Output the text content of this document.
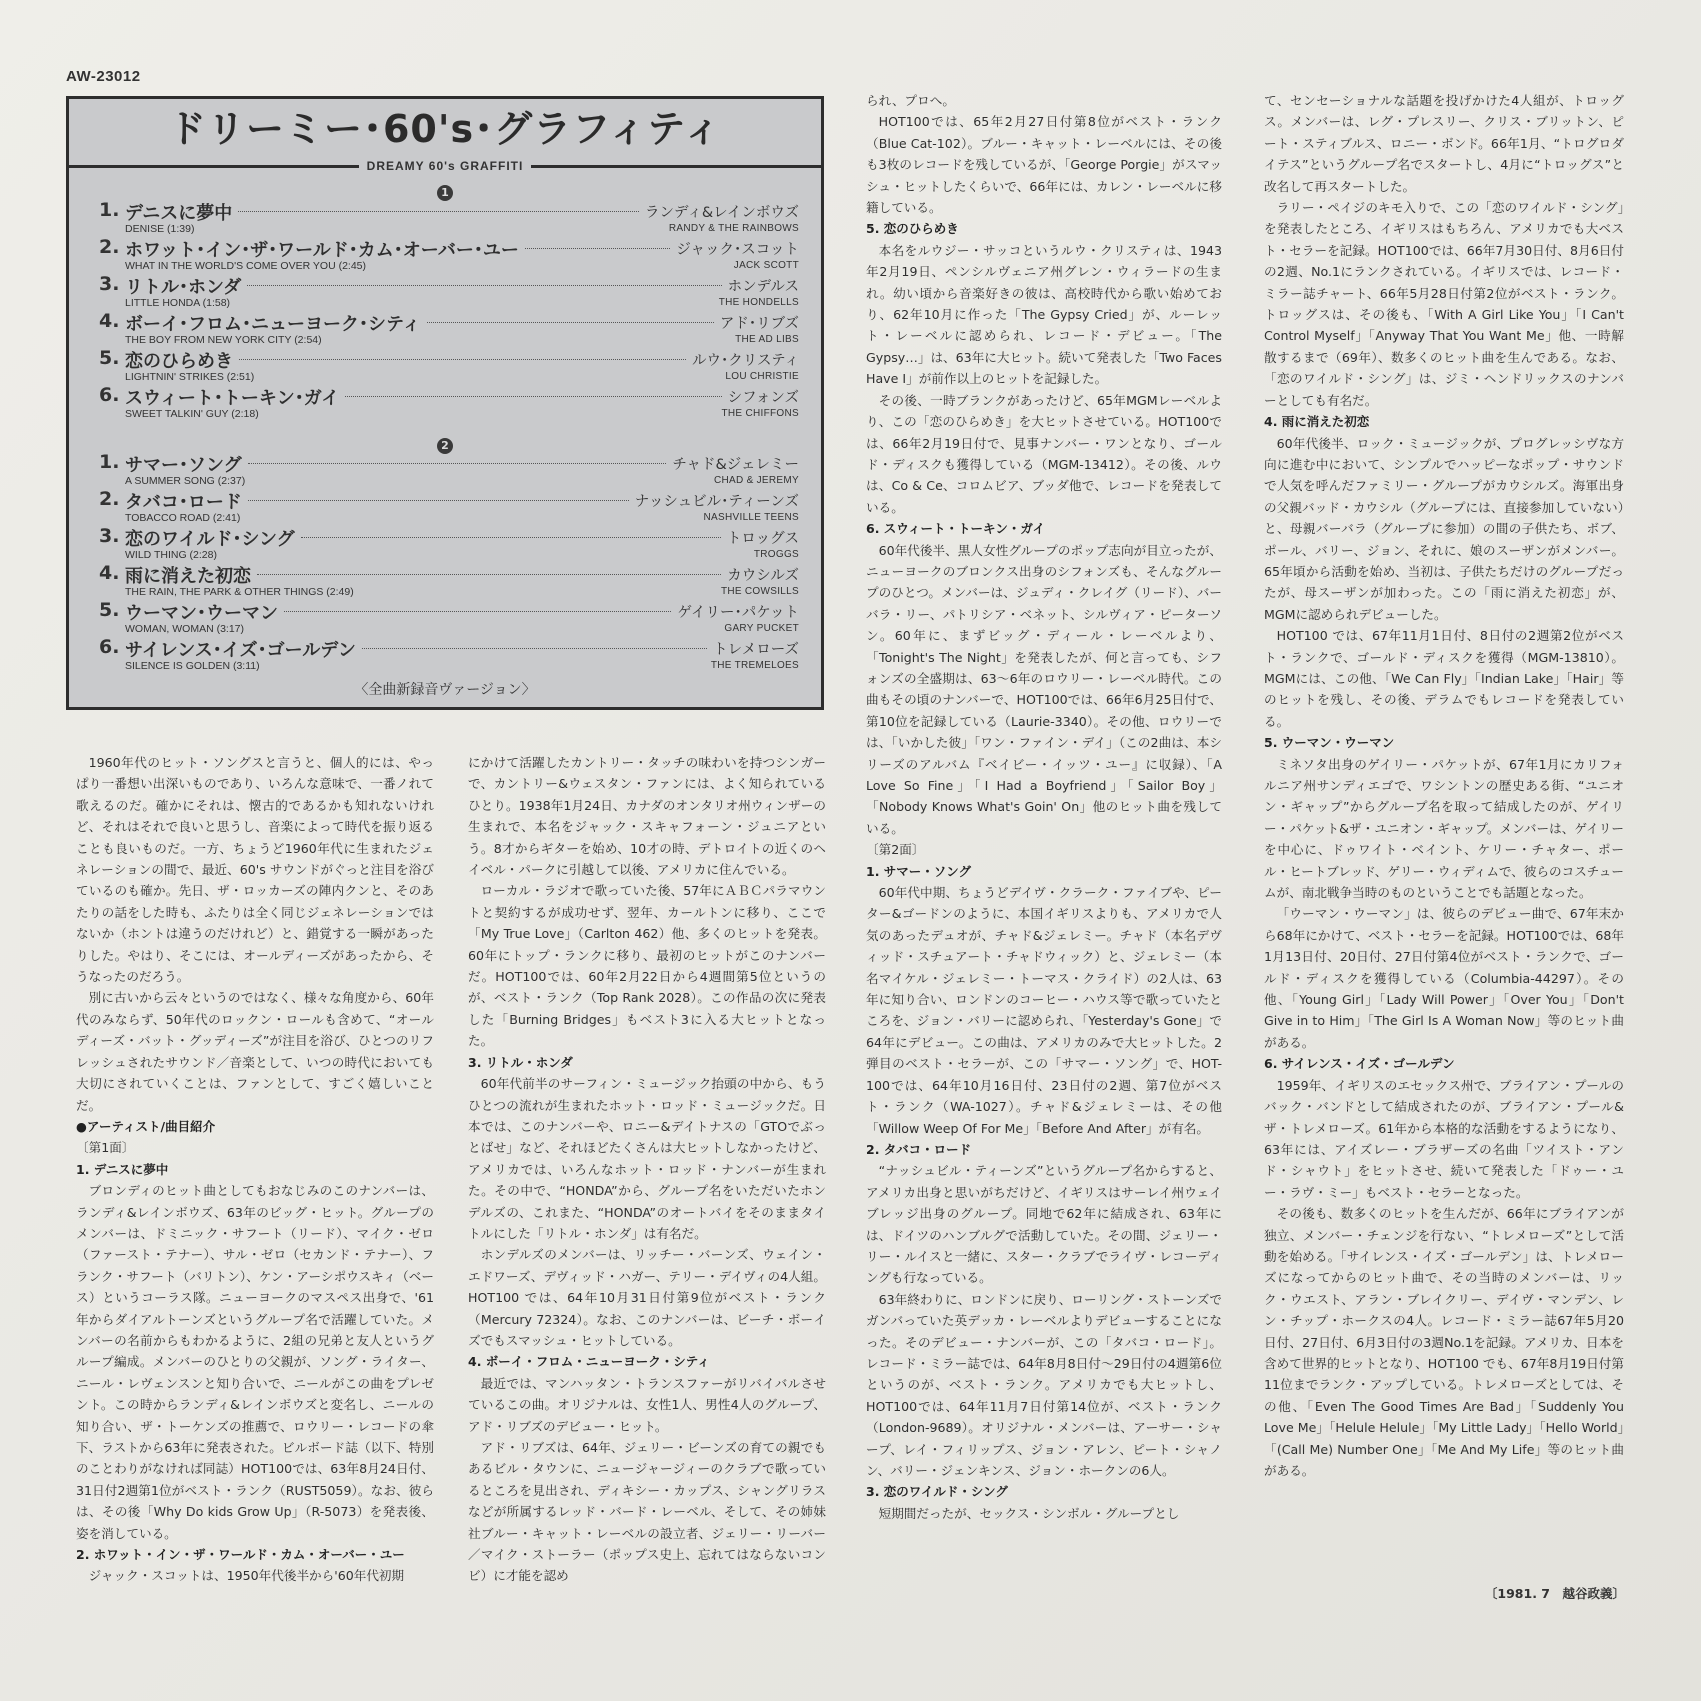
AW-23012
ドリーミー･60's･グラフィティ
DREAMY 60's GRAFFITI
1
1. デニスに夢中
DENISE (1:39)
ランディ&レインボウズ
RANDY & THE RAINBOWS
2. ホワット･イン･ザ･ワールド･カム･オーバー･ユー
WHAT IN THE WORLD'S COME OVER YOU (2:45)
ジャック･スコット
JACK SCOTT
3. リトル･ホンダ
LITTLE HONDA (1:58)
ホンデルス
THE HONDELLS
4. ボーイ･フロム･ニューヨーク･シティ
THE BOY FROM NEW YORK CITY (2:54)
アド･リブズ
THE AD LIBS
5. 恋のひらめき
LIGHTNIN' STRIKES (2:51)
ルウ･クリスティ
LOU CHRISTIE
6. スウィート･トーキン･ガイ
SWEET TALKIN' GUY (2:18)
シフォンズ
THE CHIFFONS
2
1. サマー･ソング
A SUMMER SONG (2:37)
チャド&ジェレミー
CHAD & JEREMY
2. タバコ･ロード
TOBACCO ROAD (2:41)
ナッシュビル･ティーンズ
NASHVILLE TEENS
3. 恋のワイルド･シング
WILD THING (2:28)
トロッグス
TROGGS
4. 雨に消えた初恋
THE RAIN, THE PARK & OTHER THINGS (2:49)
カウシルズ
THE COWSILLS
5. ウーマン･ウーマン
WOMAN, WOMAN (3:17)
ゲイリー･パケット
GARY PUCKET
6. サイレンス･イズ･ゴールデン
SILENCE IS GOLDEN (3:11)
トレメローズ
THE TREMELOES
〈全曲新録音ヴァージョン〉

1960年代のヒット・ソングスと言うと、個人的には、やっぱり一番想い出深いものであり、いろんな意味で、一番ノれて歌えるのだ。確かにそれは、懐古的であるかも知れないけれど、それはそれで良いと思うし、音楽によって時代を振り返ることも良いものだ。一方、ちょうど1960年代に生まれたジェネレーションの間で、最近、60's サウンドがぐっと注目を浴びているのも確か。先日、ザ・ロッカーズの陣内クンと、そのあたりの話をした時も、ふたりは全く同じジェネレーションではないか（ホントは違うのだけれど）と、錯覚する一瞬があったりした。やはり、そこには、オールディーズがあったから、そうなったのだろう。

別に古いから云々というのではなく、様々な角度から、60年代のみならず、50年代のロックン・ロールも含めて、“オールディーズ・バット・グッディーズ”が注目を浴び、ひとつのリフレッシュされたサウンド／音楽として、いつの時代においても大切にされていくことは、ファンとして、すごく嬉しいことだ。

●アーティスト/曲目紹介

〔第1面〕

1. デニスに夢中

ブロンディのヒット曲としてもおなじみのこのナンバーは、ランディ&レインボウズ、63年のビッグ・ヒット。グループのメンバーは、ドミニック・サフート（リード）、マイク・ゼロ（ファースト・テナー）、サル・ゼロ（セカンド・テナー）、フランク・サフート（バリトン）、ケン・アーシポウスキィ（ベース）というコーラス隊。ニューヨークのマスペス出身で、'61年からダイアルトーンズというグループ名で活躍していた。メンバーの名前からもわかるように、2組の兄弟と友人というグループ編成。メンバーのひとりの父親が、ソング・ライター、ニール・レヴェンスンと知り合いで、ニールがこの曲をプレゼント。この時からランディ&レインボウズと変名し、ニールの知り合い、ザ・トーケンズの推薦で、ロウリー・レコードの傘下、ラストから63年に発表された。ビルボード誌（以下、特別のことわりがなければ同誌）HOT100では、63年8月24日付、31日付2週第1位がベスト・ランク（RUST5059）。なお、彼らは、その後「Why Do kids Grow Up」（R-5073）を発表後、姿を消している。

2. ホワット・イン・ザ・ワールド・カム・オーバー・ユー

ジャック・スコットは、1950年代後半から'60年代初期

にかけて活躍したカントリー・タッチの味わいを持つシンガーで、カントリー&ウェスタン・ファンには、よく知られているひとり。1938年1月24日、カナダのオンタリオ州ウィンザーの生まれで、本名をジャック・スキャフォーン・ジュニアという。8才からギターを始め、10才の時、デトロイトの近くのヘイベル・パークに引越して以後、アメリカに住んでいる。

ローカル・ラジオで歌っていた後、57年にＡＢＣパラマウントと契約するが成功せず、翌年、カールトンに移り、ここで「My True Love」（Carlton 462）他、多くのヒットを発表。60年にトップ・ランクに移り、最初のヒットがこのナンバーだ。HOT100では、60年2月22日から4週間第5位というのが、ベスト・ランク（Top Rank 2028）。この作品の次に発表した「Burning Bridges」もベスト3に入る大ヒットとなった。

3. リトル・ホンダ

60年代前半のサーフィン・ミュージック抬頭の中から、もうひとつの流れが生まれたホット・ロッド・ミュージックだ。日本では、このナンバーや、ロニー&デイトナスの「GTOでぶっとばせ」など、それほどたくさんは大ヒットしなかったけど、アメリカでは、いろんなホット・ロッド・ナンバーが生まれた。その中で、“HONDA”から、グループ名をいただいたホンデルズの、これまた、“HONDA”のオートバイをそのままタイトルにした「リトル・ホンダ」は有名だ。

ホンデルズのメンバーは、リッチー・バーンズ、ウェイン・エドワーズ、デヴィッド・ハガー、テリー・デイヴィの4人組。HOT100 では、64年10月31日付第9位がベスト・ランク（Mercury 72324）。なお、このナンバーは、ビーチ・ボーイズでもスマッシュ・ヒットしている。

4. ボーイ・フロム・ニューヨーク・シティ

最近では、マンハッタン・トランスファーがリバイバルさせているこの曲。オリジナルは、女性1人、男性4人のグループ、アド・リブズのデビュー・ヒット。

アド・リブズは、64年、ジェリー・ビーンズの育ての親でもあるビル・タウンに、ニュージャージィーのクラブで歌っているところを見出され、ディキシー・カップス、シャングリラスなどが所属するレッド・バード・レーベル、そして、その姉妹社ブルー・キャット・レーベルの設立者、ジェリー・リーバー／マイク・ストーラー（ポップス史上、忘れてはならないコンビ）に才能を認め

られ、プロへ。

HOT100では、65年2月27日付第8位がベスト・ランク（Blue Cat-102）。ブルー・キャット・レーベルには、その後も3枚のレコードを残しているが、「George Porgie」がスマッシュ・ヒットしたくらいで、66年には、カレン・レーベルに移籍している。

5. 恋のひらめき

本名をルウジー・サッコというルウ・クリスティは、1943年2月19日、ペンシルヴェニア州グレン・ウィラードの生まれ。幼い頃から音楽好きの彼は、高校時代から歌い始めており、62年10月に作った「The Gypsy Cried」が、ルーレット・レーベルに認められ、レコード・デビュー。「The Gypsy…」は、63年に大ヒット。続いて発表した「Two Faces Have I」が前作以上のヒットを記録した。

その後、一時ブランクがあったけど、65年MGMレーベルより、この「恋のひらめき」を大ヒットさせている。HOT100では、66年2月19日付で、見事ナンバー・ワンとなり、ゴールド・ディスクも獲得している（MGM-13412）。その後、ルウは、Co & Ce、コロムビア、ブッダ他で、レコードを発表している。

6. スウィート・トーキン・ガイ

60年代後半、黒人女性グループのポップ志向が目立ったが、ニューヨークのブロンクス出身のシフォンズも、そんなグループのひとつ。メンバーは、ジュディ・クレイグ（リード）、バーバラ・リー、パトリシア・ベネット、シルヴィア・ピーターソン。60年に、まずビッグ・ディール・レーベルより、「Tonight's The Night」を発表したが、何と言っても、シフォンズの全盛期は、63〜6年のロウリー・レーベル時代。この曲もその頃のナンバーで、HOT100では、66年6月25日付で、第10位を記録している（Laurie-3340）。その他、ロウリーでは、「いかした彼」「ワン・ファイン・デイ」（この2曲は、本シリーズのアルバム『ベイビー・イッツ・ユー』に収録）、「A Love So Fine」「I Had a Boyfriend」「Sailor Boy」「Nobody Knows What's Goin' On」他のヒット曲を残している。

〔第2面〕

1. サマー・ソング

60年代中期、ちょうどデイヴ・クラーク・ファイブや、ピーター&ゴードンのように、本国イギリスよりも、アメリカで人気のあったデュオが、チャド&ジェレミー。チャド（本名デヴィッド・スチュアート・チャドウィック）と、ジェレミー（本名マイケル・ジェレミー・トーマス・クライド）の2人は、63年に知り合い、ロンドンのコーヒー・ハウス等で歌っていたところを、ジョン・バリーに認められ、「Yesterday's Gone」で64年にデビュー。この曲は、アメリカのみで大ヒットした。2弾目のベスト・セラーが、この「サマー・ソング」で、HOT-100では、64年10月16日付、23日付の2週、第7位がベスト・ランク（WA-1027）。チャド&ジェレミーは、その他「Willow Weep Of For Me」「Before And After」が有名。

2. タバコ・ロード

“ナッシュビル・ティーンズ”というグループ名からすると、アメリカ出身と思いがちだけど、イギリスはサーレイ州ウェイブレッジ出身のグループ。同地で62年に結成され、63年には、ドイツのハンブルグで活動していた。その間、ジェリー・リー・ルイスと一緒に、スター・クラブでライヴ・レコーディングも行なっている。

63年終わりに、ロンドンに戻り、ローリング・ストーンズでガンバっていた英デッカ・レーベルよりデビューすることになった。そのデビュー・ナンバーが、この「タバコ・ロード」。レコード・ミラー誌では、64年8月8日付〜29日付の4週第6位というのが、ベスト・ランク。アメリカでも大ヒットし、HOT100では、64年11月7日付第14位が、ベスト・ランク（London-9689）。オリジナル・メンバーは、アーサー・シャープ、レイ・フィリップス、ジョン・アレン、ピート・シャノン、バリー・ジェンキンス、ジョン・ホークンの6人。

3. 恋のワイルド・シング

短期間だったが、セックス・シンボル・グループとし

て、センセーショナルな話題を投げかけた4人組が、トロッグス。メンバーは、レグ・プレスリー、クリス・ブリットン、ピート・スティブルス、ロニー・ボンド。66年1月、“トログロダイテス”というグループ名でスタートし、4月に“トロッグス”と改名して再スタートした。

ラリー・ペイジのキモ入りで、この「恋のワイルド・シング」を発表したところ、イギリスはもちろん、アメリカでも大ベスト・セラーを記録。HOT100では、66年7月30日付、8月6日付の2週、No.1にランクされている。イギリスでは、レコード・ミラー誌チャート、66年5月28日付第2位がベスト・ランク。トロッグスは、その後も、「With A Girl Like You」「I Can't Control Myself」「Anyway That You Want Me」他、一時解散するまで（69年）、数多くのヒット曲を生んである。なお、「恋のワイルド・シング」は、ジミ・ヘンドリックスのナンバーとしても有名だ。

4. 雨に消えた初恋

60年代後半、ロック・ミュージックが、プログレッシヴな方向に進む中において、シンプルでハッピーなポップ・サウンドで人気を呼んだファミリー・グループがカウシルズ。海軍出身の父親バッド・カウシル（グループには、直接参加していない）と、母親バーバラ（グループに参加）の間の子供たち、ボブ、ポール、バリー、ジョン、それに、娘のスーザンがメンバー。65年頃から活動を始め、当初は、子供たちだけのグループだったが、母スーザンが加わった。この「雨に消えた初恋」が、MGMに認められデビューした。

HOT100 では、67年11月1日付、8日付の2週第2位がベスト・ランクで、ゴールド・ディスクを獲得（MGM-13810）。MGMには、この他、「We Can Fly」「Indian Lake」「Hair」等のヒットを残し、その後、デラムでもレコードを発表している。

5. ウーマン・ウーマン

ミネソタ出身のゲイリー・パケットが、67年1月にカリフォルニア州サンディエゴで、ワシントンの歴史ある街、“ユニオン・ギャップ”からグループ名を取って結成したのが、ゲイリー・パケット&ザ・ユニオン・ギャップ。メンバーは、ゲイリーを中心に、ドゥワイト・ベイント、ケリー・チャター、ポール・ヒートブレッド、ゲリー・ウィディムで、彼らのコスチュームが、南北戦争当時のものということでも話題となった。

「ウーマン・ウーマン」は、彼らのデビュー曲で、67年末から68年にかけて、ベスト・セラーを記録。HOT100では、68年1月13日付、20日付、27日付第4位がベスト・ランクで、ゴールド・ディスクを獲得している（Columbia-44297）。その他、「Young Girl」「Lady Will Power」「Over You」「Don't Give in to Him」「The Girl Is A Woman Now」等のヒット曲がある。

6. サイレンス・イズ・ゴールデン

1959年、イギリスのエセックス州で、ブライアン・プールのバック・バンドとして結成されたのが、ブライアン・プール&ザ・トレメローズ。61年から本格的な活動をするようになり、63年には、アイズレー・ブラザーズの名曲「ツイスト・アンド・シャウト」をヒットさせ、続いて発表した「ドゥー・ユー・ラヴ・ミー」もベスト・セラーとなった。

その後も、数多くのヒットを生んだが、66年にブライアンが独立、メンバー・チェンジを行ない、“トレメローズ”として活動を始める。「サイレンス・イズ・ゴールデン」は、トレメローズになってからのヒット曲で、その当時のメンバーは、リック・ウエスト、アラン・ブレイクリー、デイヴ・マンデン、レン・チップ・ホークスの4人。レコード・ミラー誌67年5月20日付、27日付、6月3日付の3週No.1を記録。アメリカ、日本を含めて世界的ヒットとなり、HOT100 でも、67年8月19日付第11位までランク・アップしている。トレメローズとしては、その他、「Even The Good Times Are Bad」「Suddenly You Love Me」「Helule Helule」「My Little Lady」「Hello World」「(Call Me) Number One」「Me And My Life」等のヒット曲がある。

〔1981. 7　越谷政義〕
